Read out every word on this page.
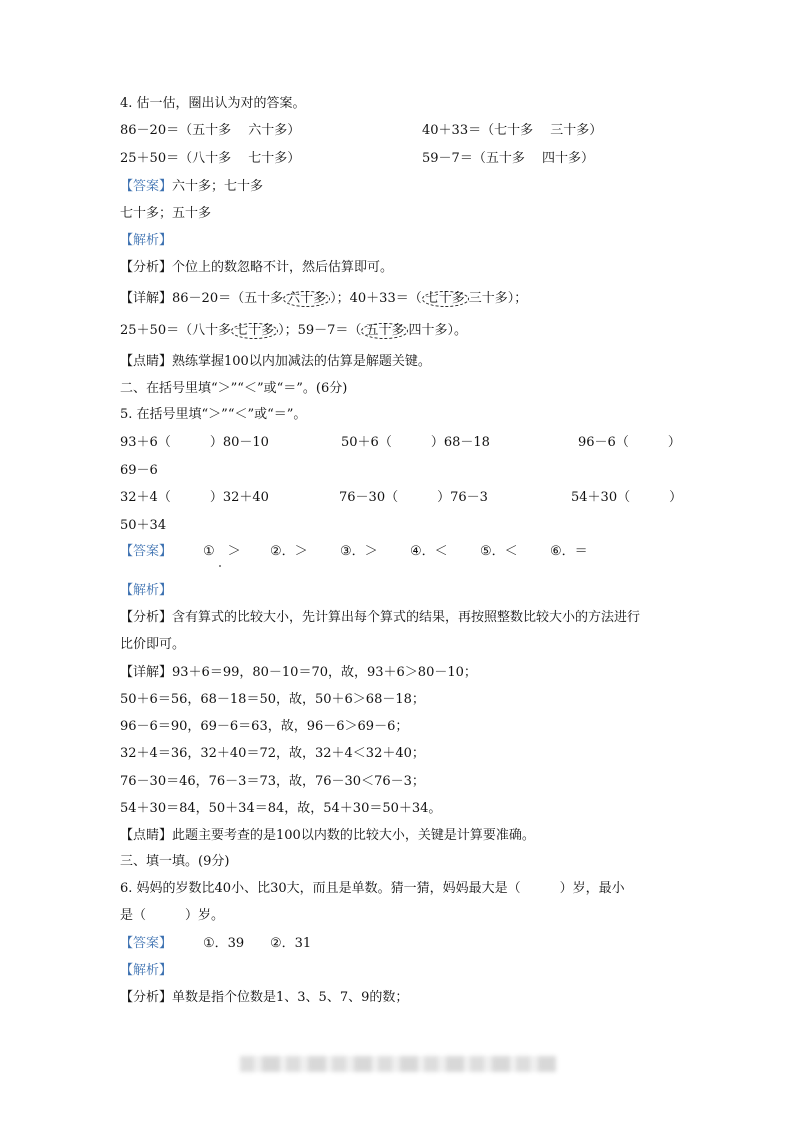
4. 估一估，圈出认为对的答案。

86－20＝（五十多　 六十多）	40＋33＝（七十多　 三十多）

25＋50＝（八十多　 七十多）	59－7＝（五十多　 四十多）

【答案】六十多；七十多

七十多；五十多

【解析】

【分析】个位上的数忽略不计，然后估算即可。

【详解】86－20＝（五十多 六十多 ）；40＋33＝（ 七十多 三十多）；

25＋50＝（八十多 七十多 ）；59－7＝（ 五十多 四十多）。

【点睛】熟练掌握100以内加减法的估算是解题关键。

二、在括号里填“＞”“＜”或“＝”。(6分)

5. 在括号里填“＞”“＜”或“＝”。

93＋6（　　　）80－10	50＋6（　　　）68－18	96－6（　　　）

69－6

32＋4（　　　）32＋40	76－30（　　　）76－3	54＋30（　　　）

50＋34

【答案】 ①　＞ ②．＞ ③．＞ ④．＜ ⑤．＜ ⑥．＝

【解析】

【分析】含有算式的比较大小，先计算出每个算式的结果，再按照整数比较大小的方法进行

比价即可。

【详解】93＋6＝99，80－10＝70，故，93＋6＞80－10；

50＋6＝56，68－18＝50，故，50＋6＞68－18；

96－6＝90，69－6＝63，故，96－6＞69－6；

32＋4＝36，32＋40＝72，故，32＋4＜32＋40；

76－30＝46，76－3＝73，故，76－30＜76－3；

54＋30＝84，50＋34＝84，故，54＋30＝50＋34。

【点睛】此题主要考查的是100以内数的比较大小，关键是计算要准确。

三、填一填。(9分)

6. 妈妈的岁数比40小、比30大，而且是单数。猜一猜，妈妈最大是（　　　）岁，最小

是（　　　）岁。

【答案】 ①．39 ②．31

【解析】

【分析】单数是指个位数是1、3、5、7、9的数；
